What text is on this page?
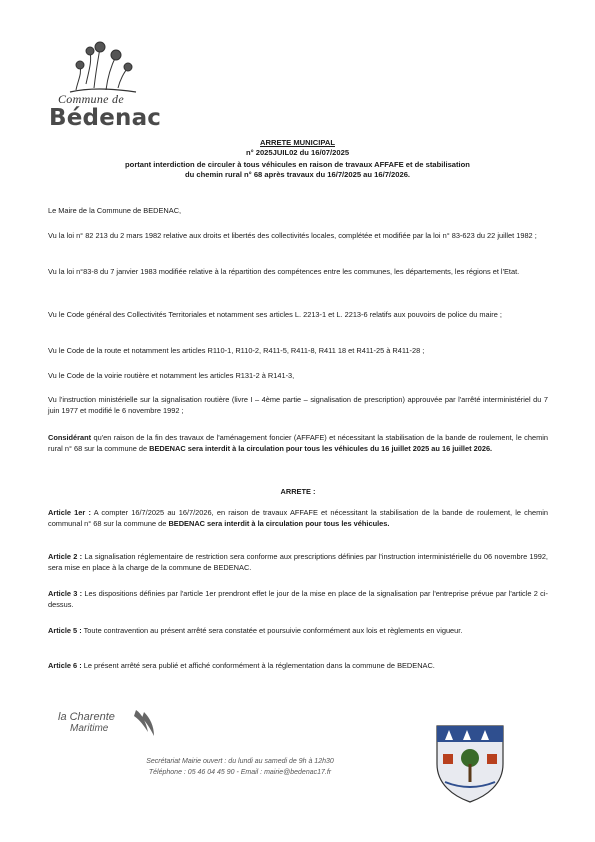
Commune de
Bédenac
ARRETE MUNICIPAL
n° 2025JUIL02 du 16/07/2025
portant interdiction de circuler à tous véhicules en raison de travaux AFFAFE et de stabilisation
du chemin rural n° 68 après travaux du 16/7/2025 au 16/7/2026.
Le Maire de la Commune de BEDENAC,
Vu la loi n° 82 213 du 2 mars 1982 relative aux droits et libertés des collectivités locales, complétée et modifiée par la loi n° 83-623 du 22 juillet 1982 ;
Vu la loi n°83-8 du 7 janvier 1983 modifiée relative à la répartition des compétences entre les communes, les départements, les régions et l'Etat.
Vu le Code général des Collectivités Territoriales et notamment ses articles L. 2213-1 et L. 2213-6 relatifs aux pouvoirs de police du maire ;
Vu le Code de la route et notamment les articles R110-1, R110-2, R411-5, R411-8, R411 18 et R411-25 à R411-28 ;
Vu le Code de la voirie routière et notamment les articles R131-2 à R141-3,
Vu l'instruction ministérielle sur la signalisation routière (livre I – 4ème partie – signalisation de prescription) approuvée par l'arrêté interministériel du 7 juin 1977 et modifié le 6 novembre 1992 ;
Considérant qu'en raison de la fin des travaux de l'aménagement foncier (AFFAFE) et nécessitant la stabilisation de la bande de roulement, le chemin rural n° 68 sur la commune de BEDENAC sera interdit à la circulation pour tous les véhicules du 16 juillet 2025 au 16 juillet 2026.
ARRETE :
Article 1er : A compter 16/7/2025 au 16/7/2026, en raison de travaux AFFAFE et nécessitant la stabilisation de la bande de roulement, le chemin communal n° 68 sur la commune de BEDENAC sera interdit à la circulation pour tous les véhicules.
Article 2 : La signalisation réglementaire de restriction sera conforme aux prescriptions définies par l'instruction interministérielle du 06 novembre 1992, sera mise en place à la charge de la commune de BEDENAC.
Article 3 : Les dispositions définies par l'article 1er prendront effet le jour de la mise en place de la signalisation par l'entreprise prévue par l'article 2 ci-dessus.
Article 5 : Toute contravention au présent arrêté sera constatée et poursuivie conformément aux lois et règlements en vigueur.
Article 6 : Le présent arrêté sera publié et affiché conformément à la réglementation dans la commune de BEDENAC.
la Charente
Maritime
Secrétariat Mairie ouvert : du lundi au samedi de 9h à 12h30
Téléphone : 05 46 04 45 90 - Email : mairie@bedenac17.fr
